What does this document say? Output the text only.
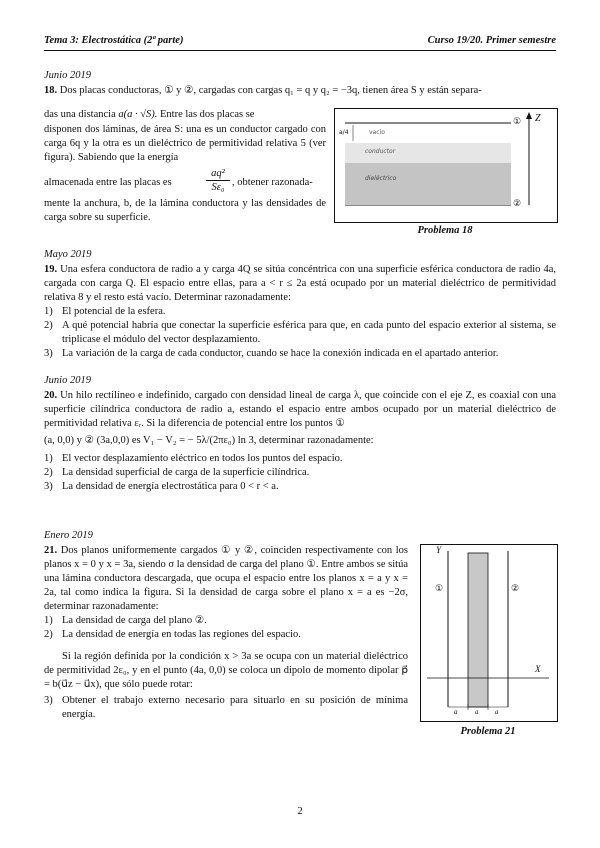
Tema 3: Electrostática (2ª parte)	Curso 19/20. Primer semestre
Junio 2019
18. Dos placas conductoras, ① y ②, cargadas con cargas q₁ = q y q₂ = −3q, tienen área S y están separa-

das una distancia a(a · √S). Entre las dos placas se

disponen dos láminas, de área S: una es un conductor cargado con carga 6q y la otra es un dieléctrico de permitividad relativa 5 (ver figura). Sabiendo que la energía

almacenada entre las placas es	$\frac{\text{aq²}}{\text{Sε₀}}$ , obtener razonada-

mente la anchura, b, de la lámina conductora y las densidades de carga sobre su superficie.

Z
①
②
a/4	vacío
conductor
dieléctrico
Problema 18
Mayo 2019

19. Una esfera conductora de radio a y carga 4Q se sitúa concéntrica con una superficie esférica conductora de radio 4a, cargada con carga Q. El espacio entre ellas, para a < r ≤ 2a está ocupado por un material dieléctrico de permitividad relativa 8 y el resto está vacío. Determinar razonadamente:

1) El potencial de la esfera.
2) A qué potencial habría que conectar la superficie esférica para que, en cada punto del espacio exterior al sistema, se triplicase el módulo del vector desplazamiento.
3) La variación de la carga de cada conductor, cuando se hace la conexión indicada en el apartado anterior.
Junio 2019

20. Un hilo rectilíneo e indefinido, cargado con densidad lineal de carga λ, que coincide con el eje Z, es coaxial con una superficie cilíndrica conductora de radio a, estando el espacio entre ambos ocupado por un material dieléctrico de permitividad relativa εᵣ. Si la diferencia de potencial entre los puntos ①

(a, 0,0) y ② (3a,0,0) es V₁ − V₂ = − 5λ/(2πε₀) ln 3, determinar razonadamente:

1) El vector desplazamiento eléctrico en todos los puntos del espacio.
2) La densidad superficial de carga de la superficie cilíndrica.
3) La densidad de energía electrostática para 0 < r < a.
Enero 2019

21. Dos planos uniformemente cargados ① y ②, coinciden respectivamente con los planos x = 0 y x = 3a, siendo σ la densidad de carga del plano ①. Entre ambos se sitúa una lámina conductora descargada, que ocupa el espacio entre los planos x = a y x = 2a, tal como indica la figura. Si la densidad de carga sobre el plano x = a es −2σ, determinar razonadamente:

1) La densidad de carga del plano ②.
2) La densidad de energía en todas las regiones del espacio.

Si la región definida por la condición x > 3a se ocupa con un material dieléctrico de permitividad 2ε₀, y en el punto (4a, 0,0) se coloca un dipolo de momento dipolar p⃗ = b(u⃗z − u⃗x), que sólo puede rotar:

3) Obtener el trabajo externo necesario para situarlo en su posición de mínima energía.
Y
X
①	②
a	a a
Problema 21
2
